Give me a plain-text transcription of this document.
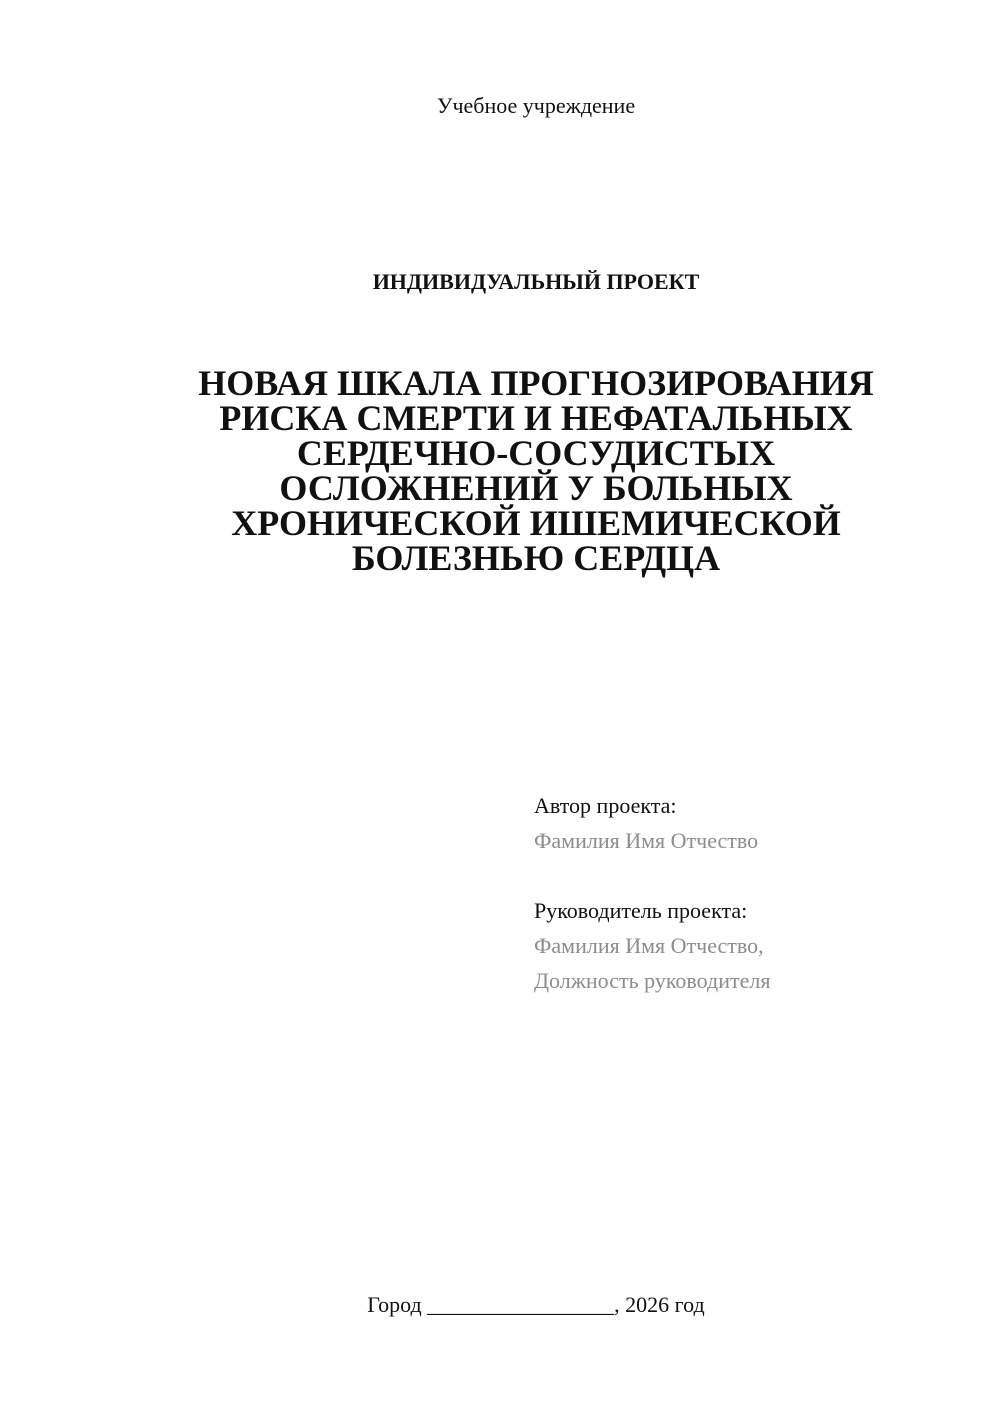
Учебное учреждение
ИНДИВИДУАЛЬНЫЙ ПРОЕКТ
НОВАЯ ШКАЛА ПРОГНОЗИРОВАНИЯ
РИСКА СМЕРТИ И НЕФАТАЛЬНЫХ
СЕРДЕЧНО-СОСУДИСТЫХ
ОСЛОЖНЕНИЙ У БОЛЬНЫХ
ХРОНИЧЕСКОЙ ИШЕМИЧЕСКОЙ
БОЛЕЗНЬЮ СЕРДЦА
Автор проекта:
Фамилия Имя Отчество
Руководитель проекта:
Фамилия Имя Отчество,
Должность руководителя
Город _________________, 2026 год
